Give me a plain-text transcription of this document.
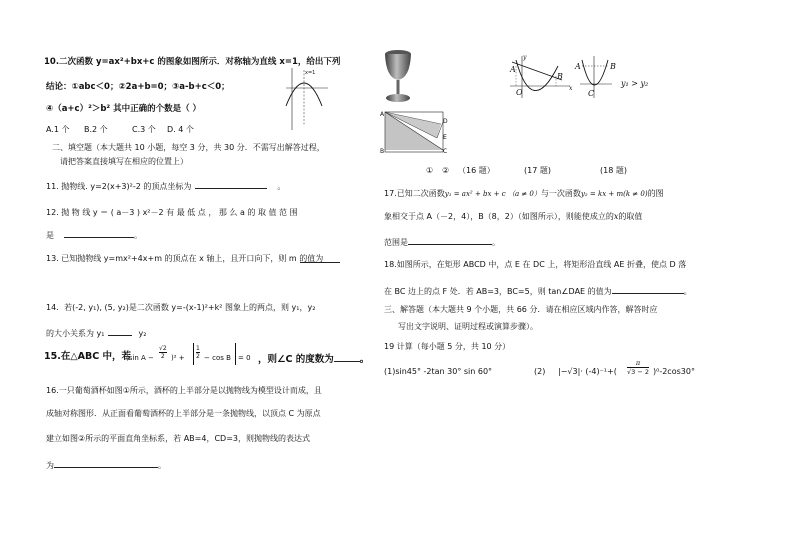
10.二次函数 y=ax²+bx+c 的图象如图所示．对称轴为直线 x=1，给出下列
结论：①abc＜0；②2a+b=0；③a-b+c＜0；
④（a+c）²＞b² 其中正确的个数是（ ）
A.1 个 B.2 个	C.3 个 D. 4 个
x=1
二、填空题（本大题共 10 小题，每空 3 分，共 30 分．不需写出解答过程，
请把答案直接填写在相应的位置上）
11. 抛物线. y=2(x+3)²-2 的顶点坐标为	。
12. 抛 物 线 y ＝ ( a－3 ) x²－2 有 最 低 点 ， 那 么 a 的 取 值 范 围
是	。
13. 已知抛物线 y=mx²+4x+m 的顶点在 x 轴上，且开口向下，则 m 的值为
14．若(-2, y₁), (5, y₂)是二次函数 y=-(x-1)²+k² 图象上的两点，则 y₁，y₂
的大小关系为 y₁	y₂
15.在△ABC 中，若
(sin A −
√2
2 )$^2 + \frac{1}{2} - \cos B = 0$ ，则∠C 的度数为	。
16.一只葡萄酒杯如图①所示，酒杯的上半部分是以抛物线为模型设计而成，且
成轴对称图形．从正面看葡萄酒杯的上半部分是一条抛物线，以顶点 C 为原点
建立如图②所示的平面直角坐标系，若 AB=4，CD=3，则抛物线的表达式
为	。
A
B
E
D
C
A
B
O
y
x
A	B
C
y₁ > y₂
① ② （16 题）	(17 题)	(18 题)
17.已知二次函数y₁ = ax² + bx + c （a ≠ 0）与一次函数y₂ = kx + m(k ≠ 0)的图
象相交于点 A（－2，4），B（8，2）（如图所示），则能使成立的x的取值
范围是	。
18.如图所示，在矩形 ABCD 中，点 E 在 DC 上，将矩形沿直线 AE 折叠，使点 D 落
在 BC 边上的点 F 处．若 AB=3，BC=5，则 tan∠DAE 的值为	。
三、解答题（本大题共 9 个小题，共 66 分．请在相应区域内作答，解答时应
写出文字说明、证明过程或演算步骤）。
19 计算（每小题 5 分，共 10 分）
(1)sin45° -2tan 30° sin 60°	(2) $|-√3|\cdot (-4)^{-1}+( \frac{\pi}{√3 - 2} )^0-2\cos 30^\circ$
